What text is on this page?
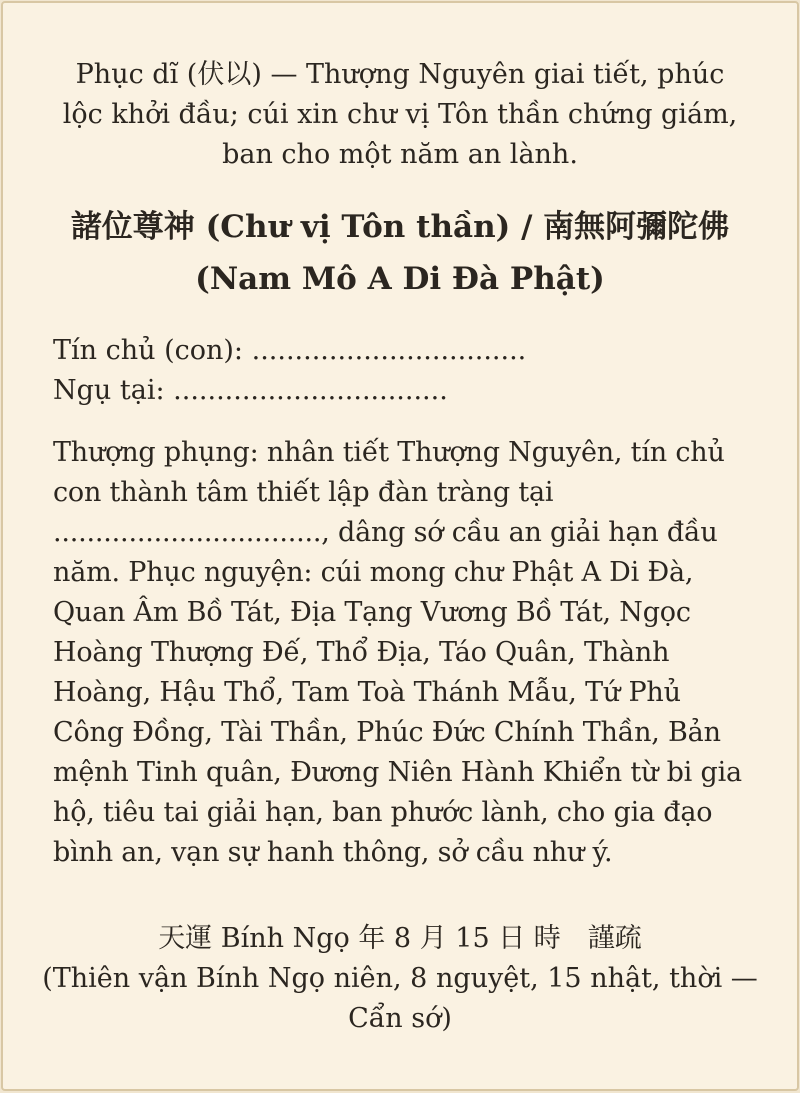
Phục dĩ (伏以) — Thượng Nguyên giai tiết, phúc lộc khởi đầu; cúi xin chư vị Tôn thần chứng giám, ban cho một năm an lành.

諸位尊神 (Chư vị Tôn thần) / 南無阿彌陀佛 (Nam Mô A Di Đà Phật)
Tín chủ (con): ................................
Ngụ tại: ................................

Thượng phụng: nhân tiết Thượng Nguyên, tín chủ con thành tâm thiết lập đàn tràng tại ................................, dâng sớ cầu an giải hạn đầu năm. Phục nguyện: cúi mong chư Phật A Di Đà, Quan Âm Bồ Tát, Địa Tạng Vương Bồ Tát, Ngọc Hoàng Thượng Đế, Thổ Địa, Táo Quân, Thành Hoàng, Hậu Thổ, Tam Toà Thánh Mẫu, Tứ Phủ Công Đồng, Tài Thần, Phúc Đức Chính Thần, Bản mệnh Tinh quân, Đương Niên Hành Khiển từ bi gia hộ, tiêu tai giải hạn, ban phước lành, cho gia đạo bình an, vạn sự hanh thông, sở cầu như ý.

天運 Bính Ngọ 年 8 月 15 日 時　謹疏
(Thiên vận Bính Ngọ niên, 8 nguyệt, 15 nhật, thời — Cẩn sớ)
